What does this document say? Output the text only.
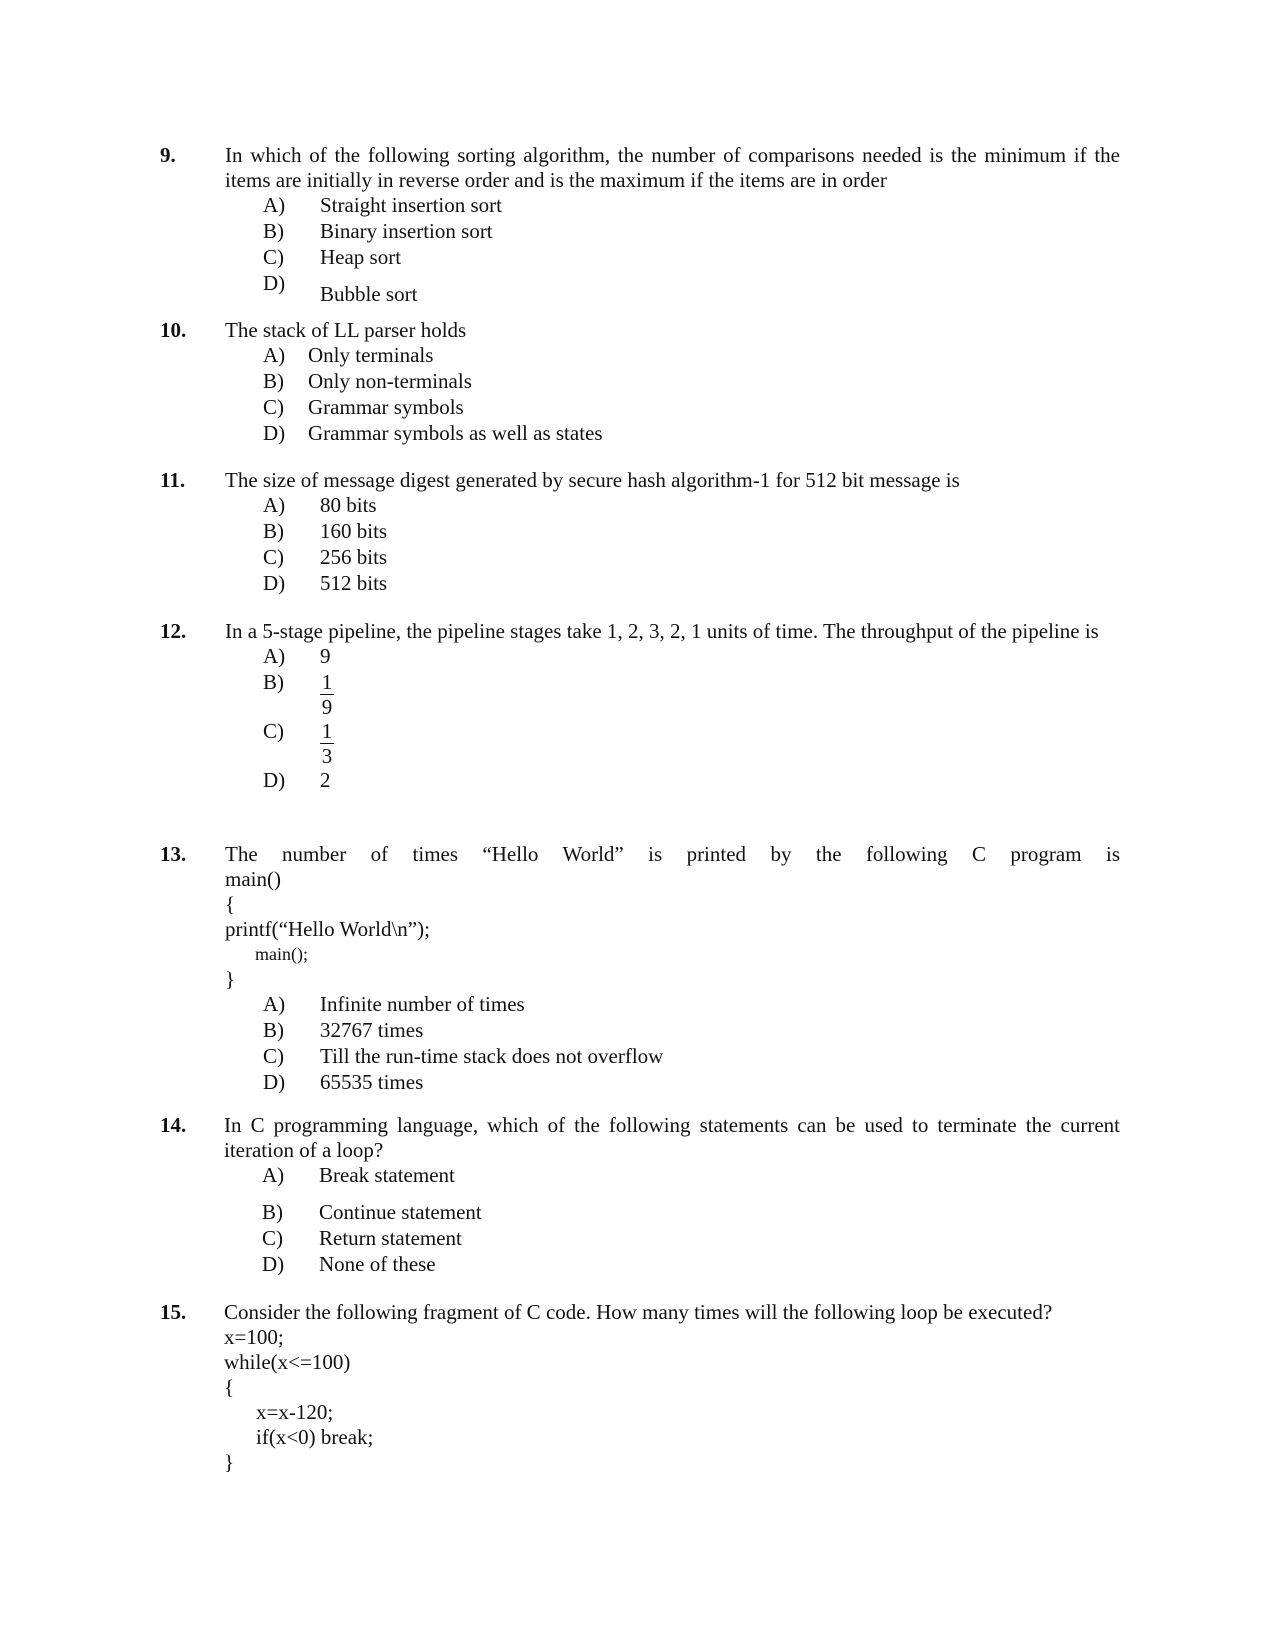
9. In which of the following sorting algorithm, the number of comparisons needed is the minimum if the items are initially in reverse order and is the maximum if the items are in order
A) Straight insertion sort
B) Binary insertion sort
C) Heap sort
D) Bubble sort
10. The stack of LL parser holds
A) Only terminals
B) Only non-terminals
C) Grammar symbols
D) Grammar symbols as well as states
11. The size of message digest generated by secure hash algorithm-1 for 512 bit message is
A) 80 bits
B) 160 bits
C) 256 bits
D) 512 bits
12. In a 5-stage pipeline, the pipeline stages take 1, 2, 3, 2, 1 units of time. The throughput of the pipeline is
A) 9
$B) \frac{1}{9}$
$C) \frac{1}{3}$
D) 2
13. The number of times “Hello World” is printed by the following C program is
main()
{
printf(“Hello World\n”);
main();
}
A) Infinite number of times
B) 32767 times
C) Till the run-time stack does not overflow
D) 65535 times
14. In C programming language, which of the following statements can be used to terminate the current iteration of a loop?
A) Break statement
B) Continue statement
C) Return statement
D) None of these
15. Consider the following fragment of C code. How many times will the following loop be executed?
x=100;
while(x<=100)
{
x=x-120;
if(x<0) break;
}
